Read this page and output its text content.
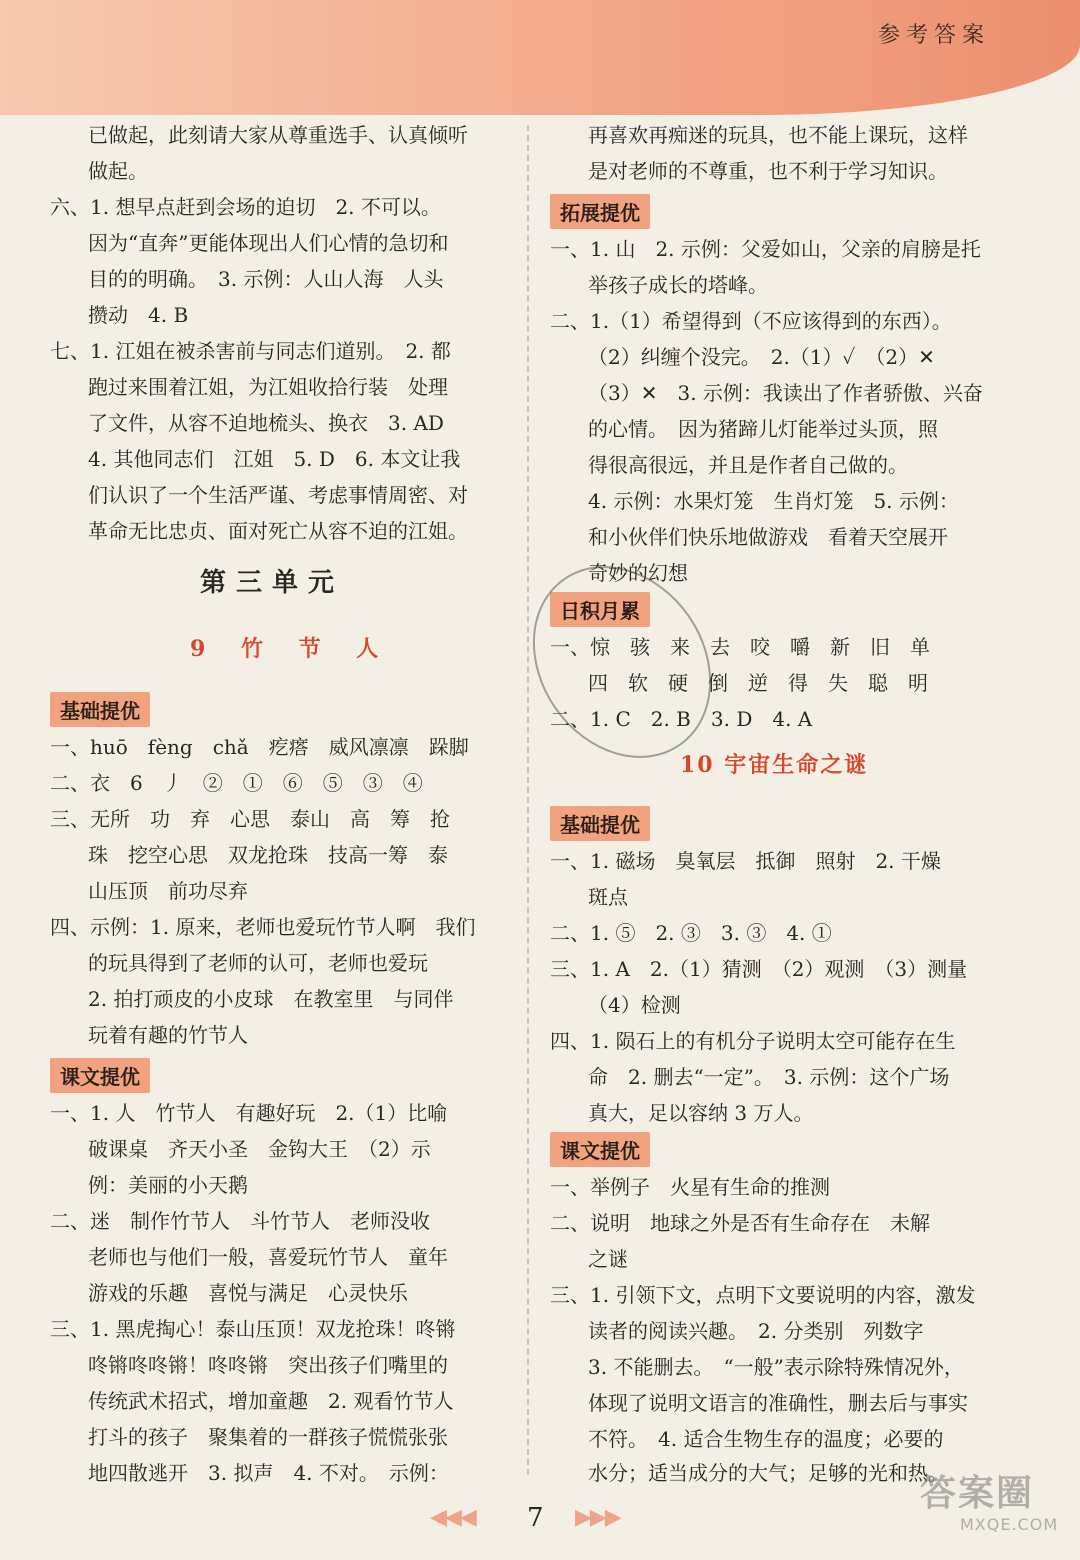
参考答案
已做起，此刻请大家从尊重选手、认真倾听
做起。
六、1. 想早点赶到会场的迫切　2. 不可以。
因为“直奔”更能体现出人们心情的急切和
目的的明确。　3. 示例：人山人海　人头
攒动　4. B
七、1. 江姐在被杀害前与同志们道别。　2. 都
跑过来围着江姐，为江姐收拾行装　处理
了文件，从容不迫地梳头、换衣　3. AD
4. 其他同志们　江姐　5. D　6. 本文让我
们认识了一个生活严谨、考虑事情周密、对
革命无比忠贞、面对死亡从容不迫的江姐。
第三单元
9 竹 节 人
基础提优
一、huō　fèng　chǎ　疙瘩　威风凛凛　跺脚
二、衣　6　丿　②　①　⑥　⑤　③　④
三、无所　功　弃　心思　泰山　高　筹　抢
珠　挖空心思　双龙抢珠　技高一筹　泰
山压顶　前功尽弃
四、示例：1. 原来，老师也爱玩竹节人啊　我们
的玩具得到了老师的认可，老师也爱玩
2. 拍打顽皮的小皮球　在教室里　与同伴
玩着有趣的竹节人
课文提优
一、1. 人　竹节人　有趣好玩　2.（1）比喻
破课桌　齐天小圣　金钩大王　（2）示
例：美丽的小天鹅
二、迷　制作竹节人　斗竹节人　老师没收
老师也与他们一般，喜爱玩竹节人　童年
游戏的乐趣　喜悦与满足　心灵快乐
三、1. 黑虎掏心！泰山压顶！双龙抢珠！咚锵
咚锵咚咚锵！咚咚锵　突出孩子们嘴里的
传统武术招式，增加童趣　2. 观看竹节人
打斗的孩子　聚集着的一群孩子慌慌张张
地四散逃开　3. 拟声　4. 不对。　示例：
再喜欢再痴迷的玩具，也不能上课玩，这样
是对老师的不尊重，也不利于学习知识。
拓展提优
一、1. 山　2. 示例：父爱如山，父亲的肩膀是托
举孩子成长的塔峰。
二、1.（1）希望得到（不应该得到的东西）。
（2）纠缠个没完。　2.（1）✓　（2）✕
（3）✕　3. 示例：我读出了作者骄傲、兴奋
的心情。　因为猪蹄儿灯能举过头顶，照
得很高很远，并且是作者自己做的。
4. 示例：水果灯笼　生肖灯笼　5. 示例：
和小伙伴们快乐地做游戏　看着天空展开
奇妙的幻想
日积月累
一、惊　骇　来　去　咬　嚼　新　旧　单
四　软　硬　倒　逆　得　失　聪　明
二、1. C　2. B　3. D　4. A
10 宇宙生命之谜
基础提优
一、1. 磁场　臭氧层　抵御　照射　2. 干燥
斑点
二、1. ⑤　2. ③　3. ③　4. ①
三、1. A　2.（1）猜测　（2）观测　（3）测量
（4）检测
四、1. 陨石上的有机分子说明太空可能存在生
命　2. 删去“一定”。　3. 示例：这个广场
真大，足以容纳 3 万人。
课文提优
一、举例子　火星有生命的推测
二、说明　地球之外是否有生命存在　未解
之谜
三、1. 引领下文，点明下文要说明的内容，激发
读者的阅读兴趣。　2. 分类别　列数字
3. 不能删去。　“一般”表示除特殊情况外，
体现了说明文语言的准确性，删去后与事实
不符。　4. 适合生物生存的温度；必要的
水分；适当成分的大气；足够的光和热。
◀◀◀ 7 ▶▶▶
答案圈
MXQE.COM
